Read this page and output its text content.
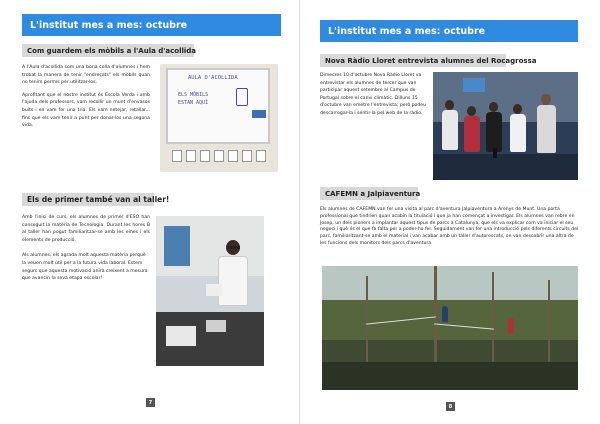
L'institut mes a mes: octubre
Com guardem els mòbils a l'Aula d'acollida

A l'Aula d'acollida som una bona colla d'alumnes i hem trobat la manera de tenir "endreçats" els mòbils quan no tenim permís per utilitzar-los.

Aprofitant que el nostre institut és Escola Verda i amb l'ajuda dels professors, vam recollir un munt d'envasos buits i en vam fer una tria. Els vam netejar, retallar... fins que els vam tenir a punt per donar-los una segona vida.

AULA D'ACOLLIDA
ELS MÒBILS
ESTAN AQUÍ
Els de primer també van al taller!

Amb l'inici de curs, els alumnes de primer d'ESO han conseguit la matèria de Tecnologia. Durant les hores B al taller han pogut familiaritzar-se amb les eines i els elements de producció.

Als alumnes, els agrada molt aquesta matèria perquè la veuen molt útil per a la futura vida laboral. Estem segurs que aquesta motivació anirà creixent a mesura que avancin la seva etapa escolar!

7
L'institut mes a mes: octubre
Nova Ràdio Lloret entrevista alumnes del Rocagrossa

Dimecres 10 d'octubre Nova Ràdio Lloret va entrevistar els alumnes de tercer que van participar aquest setembre al Campus de Portugal sobre el canvi climàtic. Dilluns 15 d'octubre van emetre l'entrevista; però podeu descarregar-la i sentir-la pel web de la ràdio.

CAFEMN a Jalpiaventura

Els alumnes de CAFEMN van fer una visita al parc d'aventura Jalpiaventura a Arenys de Munt. Una porta professional que tindrien quan acabin la titulació i que ja han començat a investigar. Els alumnes van rebre en Josep, un dels pioners a implantar aquest tipus de parcs a Catalunya, que els va explicar com va iniciar el seu negoci i què és el que fa falta per a poder-ho fer. Seguidament van fer una introducció pels diferents circuits del parc, familiaritzant-se amb el material i van acabar amb un taller d'autorescats, on van descobrir una altra de les funcions dels monitors dels parcs d'aventura.

8
